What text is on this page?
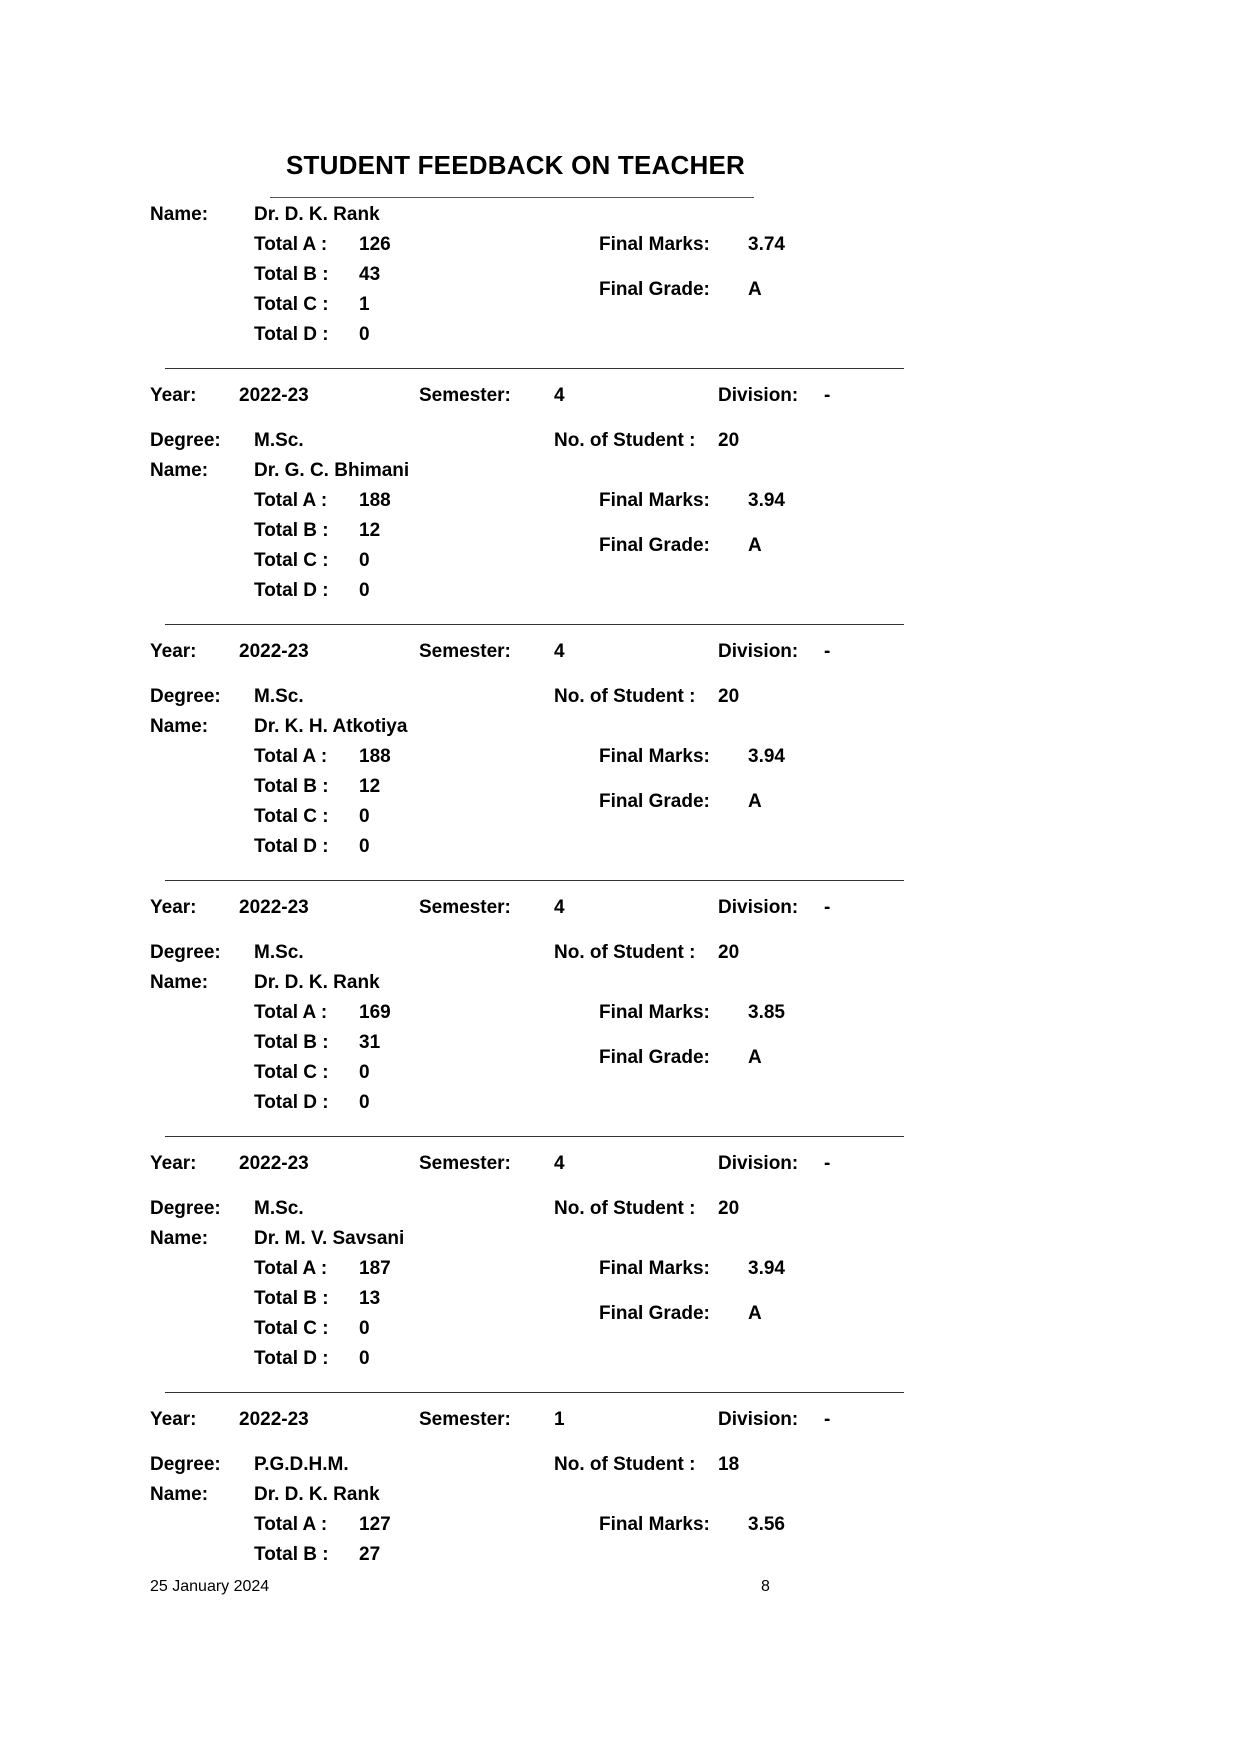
STUDENT FEEDBACK ON TEACHER
Name: Dr. D. K. Rank
Total A : 126
Total B : 43
Total C : 1
Total D : 0
Final Marks: 3.74
Final Grade: A
Year: 2022-23	Semester: 4	Division: -
Degree: M.Sc.	No. of Student : 20
Name: Dr. G. C. Bhimani
Total A : 188
Total B : 12
Total C : 0
Total D : 0
Final Marks: 3.94
Final Grade: A
Year: 2022-23	Semester: 4	Division: -
Degree: M.Sc.	No. of Student : 20
Name: Dr. K. H. Atkotiya
Total A : 188
Total B : 12
Total C : 0
Total D : 0
Final Marks: 3.94
Final Grade: A
Year: 2022-23	Semester: 4	Division: -
Degree: M.Sc.	No. of Student : 20
Name: Dr. D. K. Rank
Total A : 169
Total B : 31
Total C : 0
Total D : 0
Final Marks: 3.85
Final Grade: A
Year: 2022-23	Semester: 4	Division: -
Degree: M.Sc.	No. of Student : 20
Name: Dr. M. V. Savsani
Total A : 187
Total B : 13
Total C : 0
Total D : 0
Final Marks: 3.94
Final Grade: A
Year: 2022-23	Semester: 1	Division: -
Degree: P.G.D.H.M.	No. of Student : 18
Name: Dr. D. K. Rank
Total A : 127
Total B : 27
Final Marks: 3.56
25 January 2024	8
